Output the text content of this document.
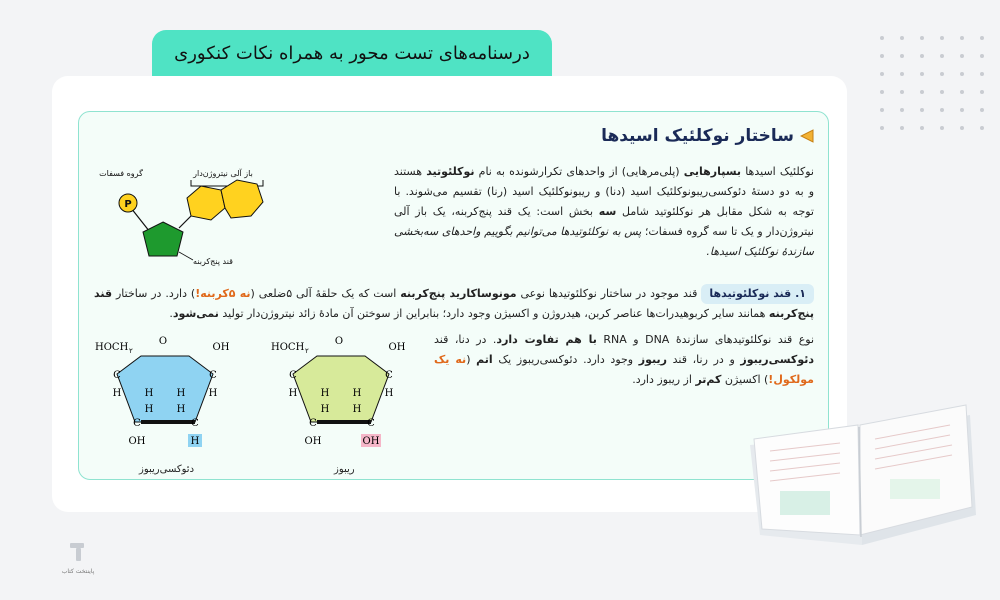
درسنامه‌های تست محور به همراه نکات کنکوری
ساختار نوکلئیک اسیدها
نوکلئیک اسیدها بسپارهایی (پلی‌مرهایی) از واحدهای تکرارشونده به نام نوکلئوتید هستند و به دو دستهٔ دئوکسی‌ریبونوکلئیک اسید (دنا) و ریبونوکلئیک اسید (رنا) تقسیم می‌شوند. با توجه به شکل مقابل هر نوکلئوتید شامل سه بخش است: یک قند پنج‌کربنه، یک باز آلی نیتروژن‌دار و یک تا سه گروه فسفات؛ پس به نوکلئوتیدها می‌توانیم بگوییم واحدهای سه‌بخشی سازندهٔ نوکلئیک اسیدها.
گروه فسفات	باز آلی نیتروژن‌دار
P
قند پنج‌کربنه
۱. قند نوکلئوتیدهاقند موجود در ساختار نوکلئوتیدها نوعی مونوساکارید پنج‌کربنه است که یک حلقهٔ آلی ۵ضلعی (نه ۵کربنه!) دارد. در ساختار قند پنج‌کربنه همانند سایر کربوهیدرات‌ها عناصر کربن، هیدروژن و اکسیژن وجود دارد؛ بنابراین از سوختن آن مادهٔ زائد نیتروژن‌دار تولید نمی‌شود.
نوع قند نوکلئوتیدهای سازندهٔ DNA و RNA با هم تفاوت دارد. در دنا، قند دئوکسی‌ریبوز و در رنا، قند ریبوز وجود دارد. دئوکسی‌ریبوز یک اتم (نه یک مولکول!) اکسیژن کم‌تر از ریبوز دارد.
HOCH ۲
O
C	C
C	C
H	H
H H
H H
OH
H
OH
دئوکسی‌ریبوز
HOCH ۲
O
C	C
C	C
H	H
H H
H H
OH
OH
OH
ریبوز
پاینتخت کتاب
